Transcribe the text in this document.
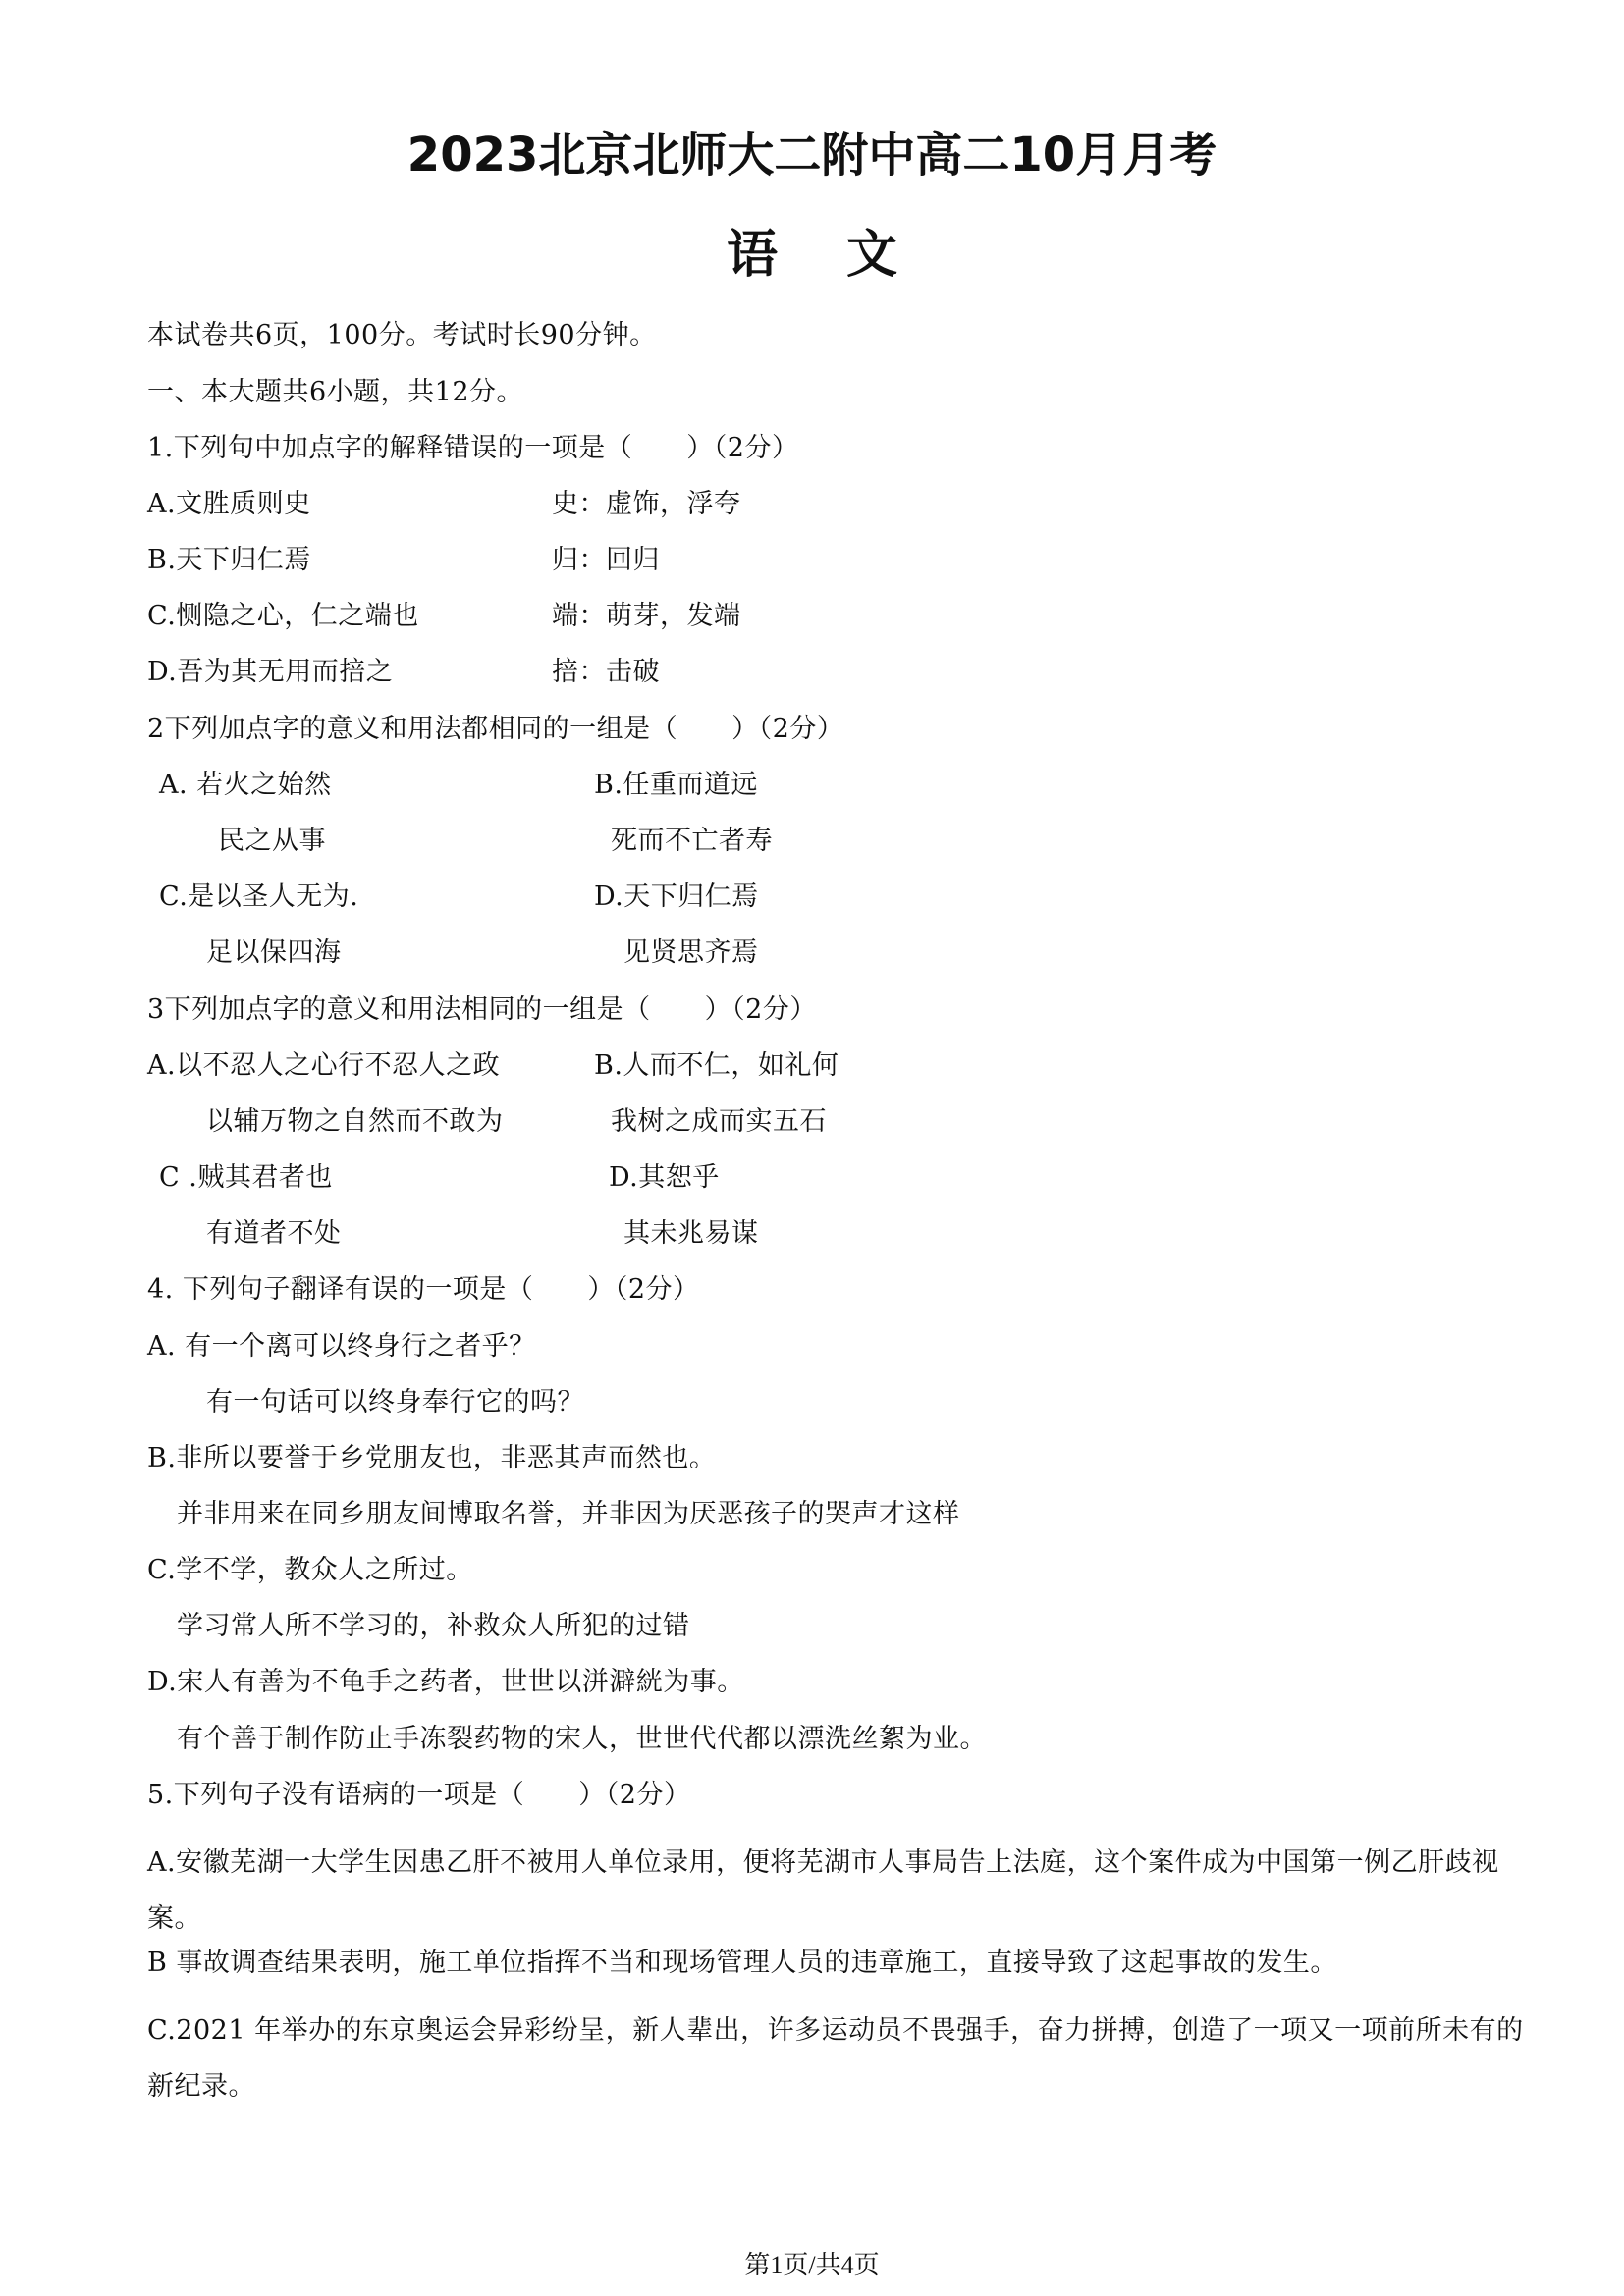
2023北京北师大二附中高二10月月考
语文
本试卷共6页，100分。考试时长90分钟。
一、本大题共6小题，共12分。
1.下列句中加点字的解释错误的一项是（　　）（2分）
A.文胜质则史	史：虚饰，浮夸
B.天下归仁焉	归：回归
C.恻隐之心，仁之端也	端：萌芽，发端
D.吾为其无用而掊之	掊：击破
2下列加点字的意义和用法都相同的一组是（　　）（2分）
A. 若火之始然	B.任重而道远
民之从事	死而不亡者寿
C.是以圣人无为.	D.天下归仁焉
足以保四海	见贤思齐焉
3下列加点字的意义和用法相同的一组是（　　）（2分）
A.以不忍人之心行不忍人之政	B.人而不仁，如礼何
以辅万物之自然而不敢为	我树之成而实五石
C .贼其君者也	D.其恕乎
有道者不处	其未兆易谋
4. 下列句子翻译有误的一项是（　　）（2分）
A. 有一个离可以终身行之者乎？
有一句话可以终身奉行它的吗？
B.非所以要誉于乡党朋友也，非恶其声而然也。
并非用来在同乡朋友间博取名誉，并非因为厌恶孩子的哭声才这样
C.学不学，教众人之所过。
学习常人所不学习的，补救众人所犯的过错
D.宋人有善为不龟手之药者，世世以洴澼絖为事。
有个善于制作防止手冻裂药物的宋人，世世代代都以漂洗丝絮为业。
5.下列句子没有语病的一项是（　　）（2分）
A.安徽芜湖一大学生因患乙肝不被用人单位录用，便将芜湖市人事局告上法庭，这个案件成为中国第一例乙肝歧视案。
B 事故调查结果表明，施工单位指挥不当和现场管理人员的违章施工，直接导致了这起事故的发生。
C.2021 年举办的东京奥运会异彩纷呈，新人辈出，许多运动员不畏强手，奋力拼搏，创造了一项又一项前所未有的新纪录。
第1页/共4页
